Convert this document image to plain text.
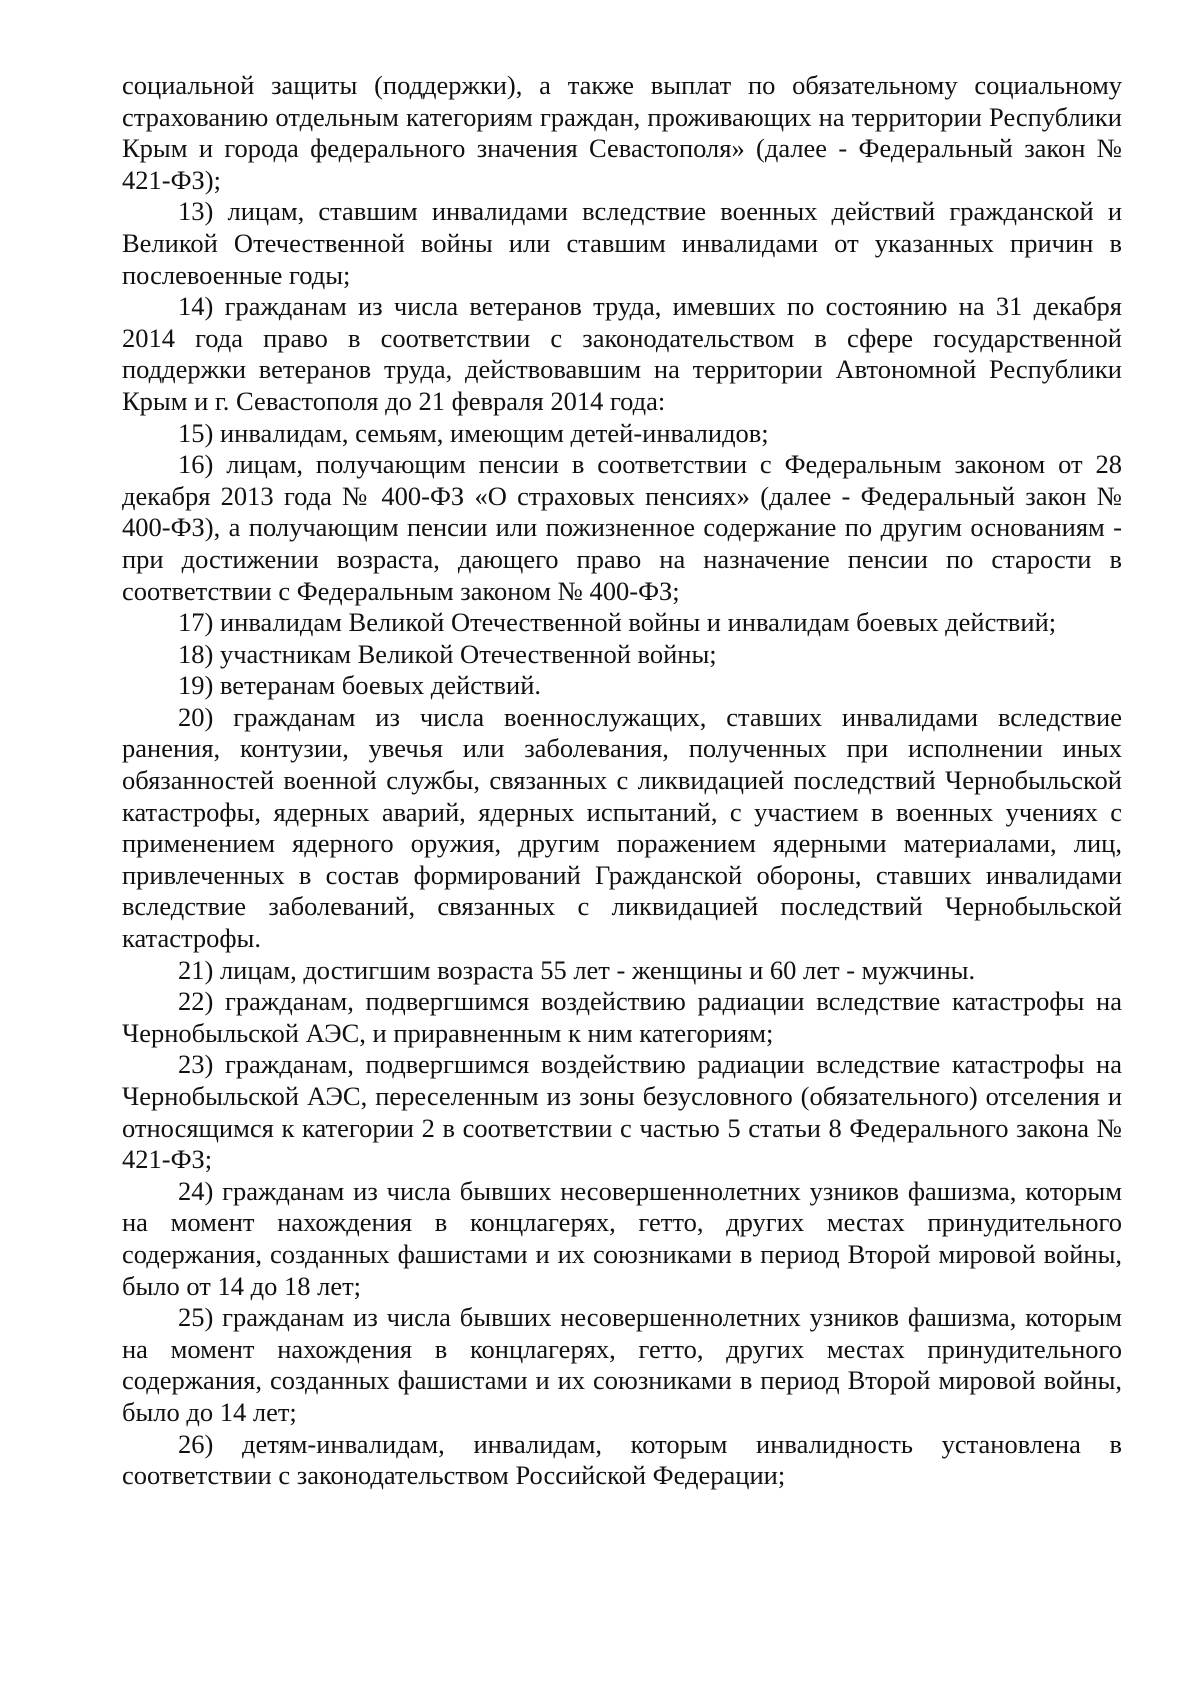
социальной защиты (поддержки), а также выплат по обязательному социальному страхованию отдельным категориям граждан, проживающих на территории Республики Крым и города федерального значения Севастополя» (далее - Федеральный закон № 421-ФЗ);

13) лицам, ставшим инвалидами вследствие военных действий гражданской и Великой Отечественной войны или ставшим инвалидами от указанных причин в послевоенные годы;

14) гражданам из числа ветеранов труда, имевших по состоянию на 31 декабря 2014 года право в соответствии с законодательством в сфере государственной поддержки ветеранов труда, действовавшим на территории Автономной Республики Крым и г. Севастополя до 21 февраля 2014 года:

15) инвалидам, семьям, имеющим детей-инвалидов;

16) лицам, получающим пенсии в соответствии с Федеральным законом от 28 декабря 2013 года № 400-ФЗ «О страховых пенсиях» (далее - Федеральный закон № 400-ФЗ), а получающим пенсии или пожизненное содержание по другим основаниям - при достижении возраста, дающего право на назначение пенсии по старости в соответствии с Федеральным законом № 400-ФЗ;

17) инвалидам Великой Отечественной войны и инвалидам боевых действий;

18) участникам Великой Отечественной войны;

19) ветеранам боевых действий.

20) гражданам из числа военнослужащих, ставших инвалидами вследствие ранения, контузии, увечья или заболевания, полученных при исполнении иных обязанностей военной службы, связанных с ликвидацией последствий Чернобыльской катастрофы, ядерных аварий, ядерных испытаний, с участием в военных учениях с применением ядерного оружия, другим поражением ядерными материалами, лиц, привлеченных в состав формирований Гражданской обороны, ставших инвалидами вследствие заболеваний, связанных с ликвидацией последствий Чернобыльской катастрофы.

21) лицам, достигшим возраста 55 лет - женщины и 60 лет - мужчины.

22) гражданам, подвергшимся воздействию радиации вследствие катастрофы на Чернобыльской АЭС, и приравненным к ним категориям;

23) гражданам, подвергшимся воздействию радиации вследствие катастрофы на Чернобыльской АЭС, переселенным из зоны безусловного (обязательного) отселения и относящимся к категории 2 в соответствии с частью 5 статьи 8 Федерального закона № 421-ФЗ;

24) гражданам из числа бывших несовершеннолетних узников фашизма, которым на момент нахождения в концлагерях, гетто, других местах принудительного содержания, созданных фашистами и их союзниками в период Второй мировой войны, было от 14 до 18 лет;

25) гражданам из числа бывших несовершеннолетних узников фашизма, которым на момент нахождения в концлагерях, гетто, других местах принудительного содержания, созданных фашистами и их союзниками в период Второй мировой войны, было до 14 лет;

26) детям-инвалидам, инвалидам, которым инвалидность установлена в соответствии с законодательством Российской Федерации;
